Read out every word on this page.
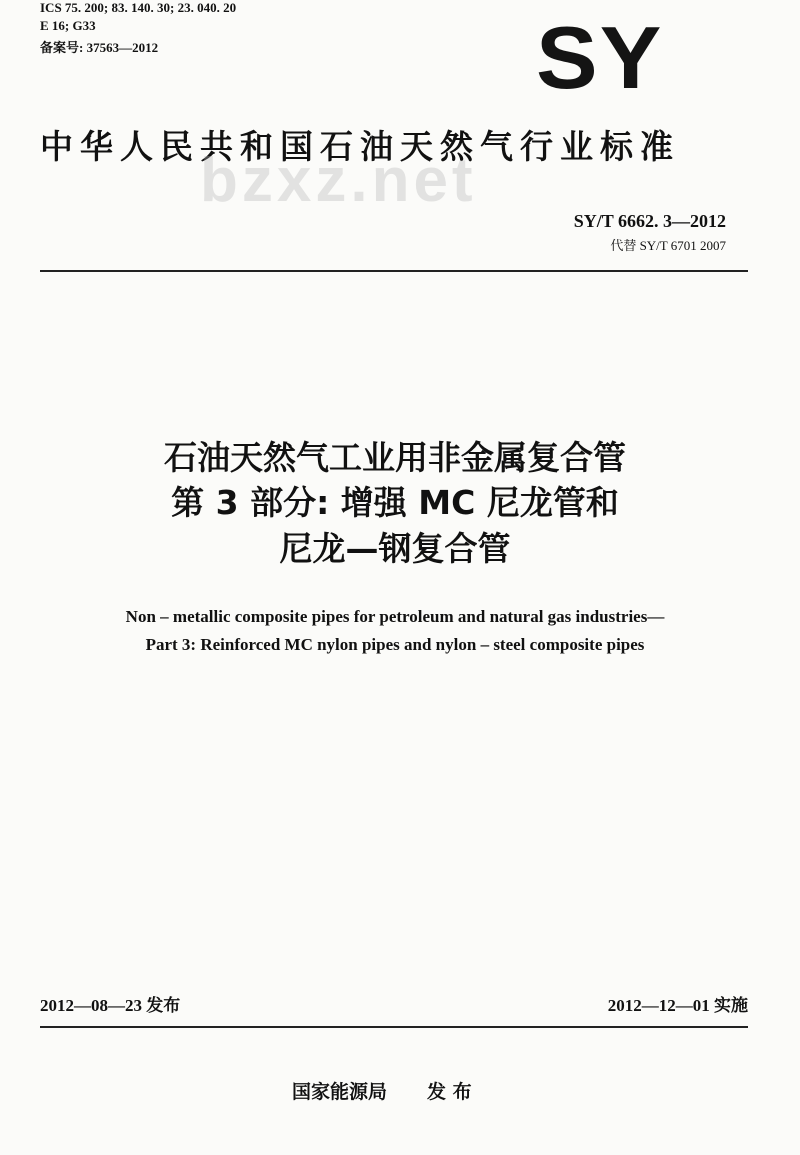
ICS 75. 200; 83. 140. 30; 23. 040. 20
E 16; G33
备案号: 37563—2012	SY
中华人民共和国石油天然气行业标准
bzxz.net
SY/T 6662. 3—2012
代替 SY/T 6701 2007
石油天然气工业用非金属复合管
第 3 部分: 增强 MC 尼龙管和
尼龙—钢复合管
Non – metallic composite pipes for petroleum and natural gas industries—
Part 3: Reinforced MC nylon pipes and nylon – steel composite pipes
2012—08—23 发布	2012—12—01 实施
国家能源局 发 布
